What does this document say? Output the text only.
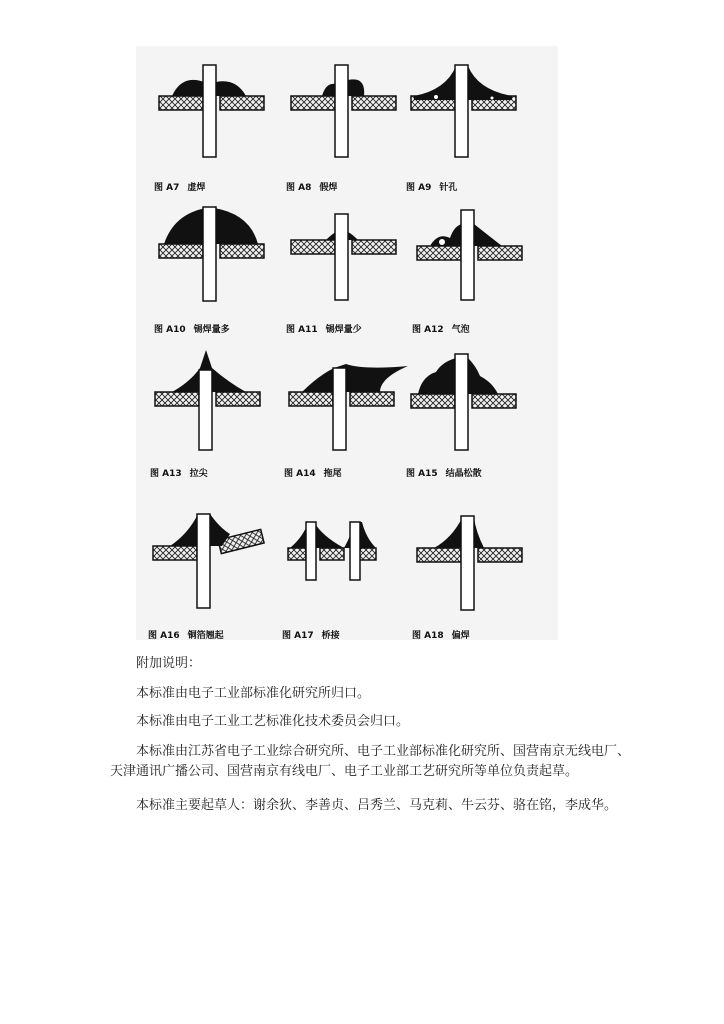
图 A7 虚焊	图 A8 假焊	图 A9 针孔
图 A10 锡焊量多	图 A11 锡焊量少	图 A12 气泡
图 A13 拉尖	图 A14 拖尾	图 A15 结晶松散
图 A16 铜箔翘起	图 A17 桥接	图 A18 偏焊
附加说明：
本标准由电子工业部标准化研究所归口。
本标准由电子工业工艺标准化技术委员会归口。
本标准由江苏省电子工业综合研究所、电子工业部标准化研究所、国营南京无线电厂、天津通讯广播公司、国营南京有线电厂、电子工业部工艺研究所等单位负责起草。
本标准主要起草人：谢余狄、李善贞、吕秀兰、马克莉、牛云芬、骆在铭，李成华。
